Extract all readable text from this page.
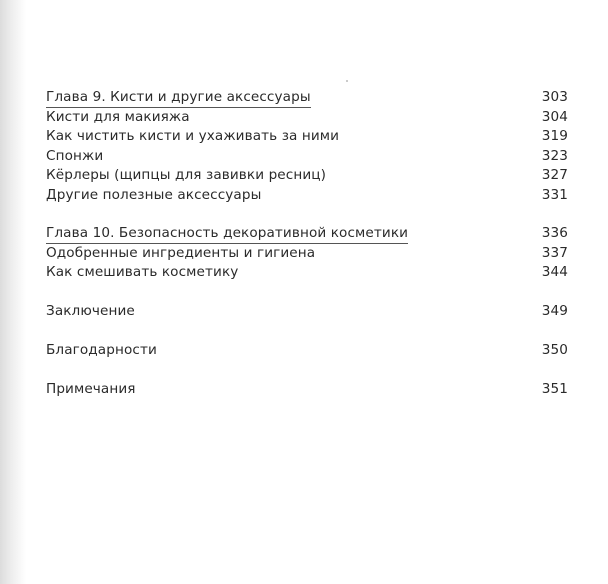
Глава 9. Кисти и другие аксессуары	303
Кисти для макияжа	304
Как чистить кисти и ухаживать за ними	319
Спонжи	323
Кёрлеры (щипцы для завивки ресниц)	327
Другие полезные аксессуары	331
Глава 10. Безопасность декоративной косметики	336
Одобренные ингредиенты и гигиена	337
Как смешивать косметику	344
Заключение	349
Благодарности	350
Примечания	351
